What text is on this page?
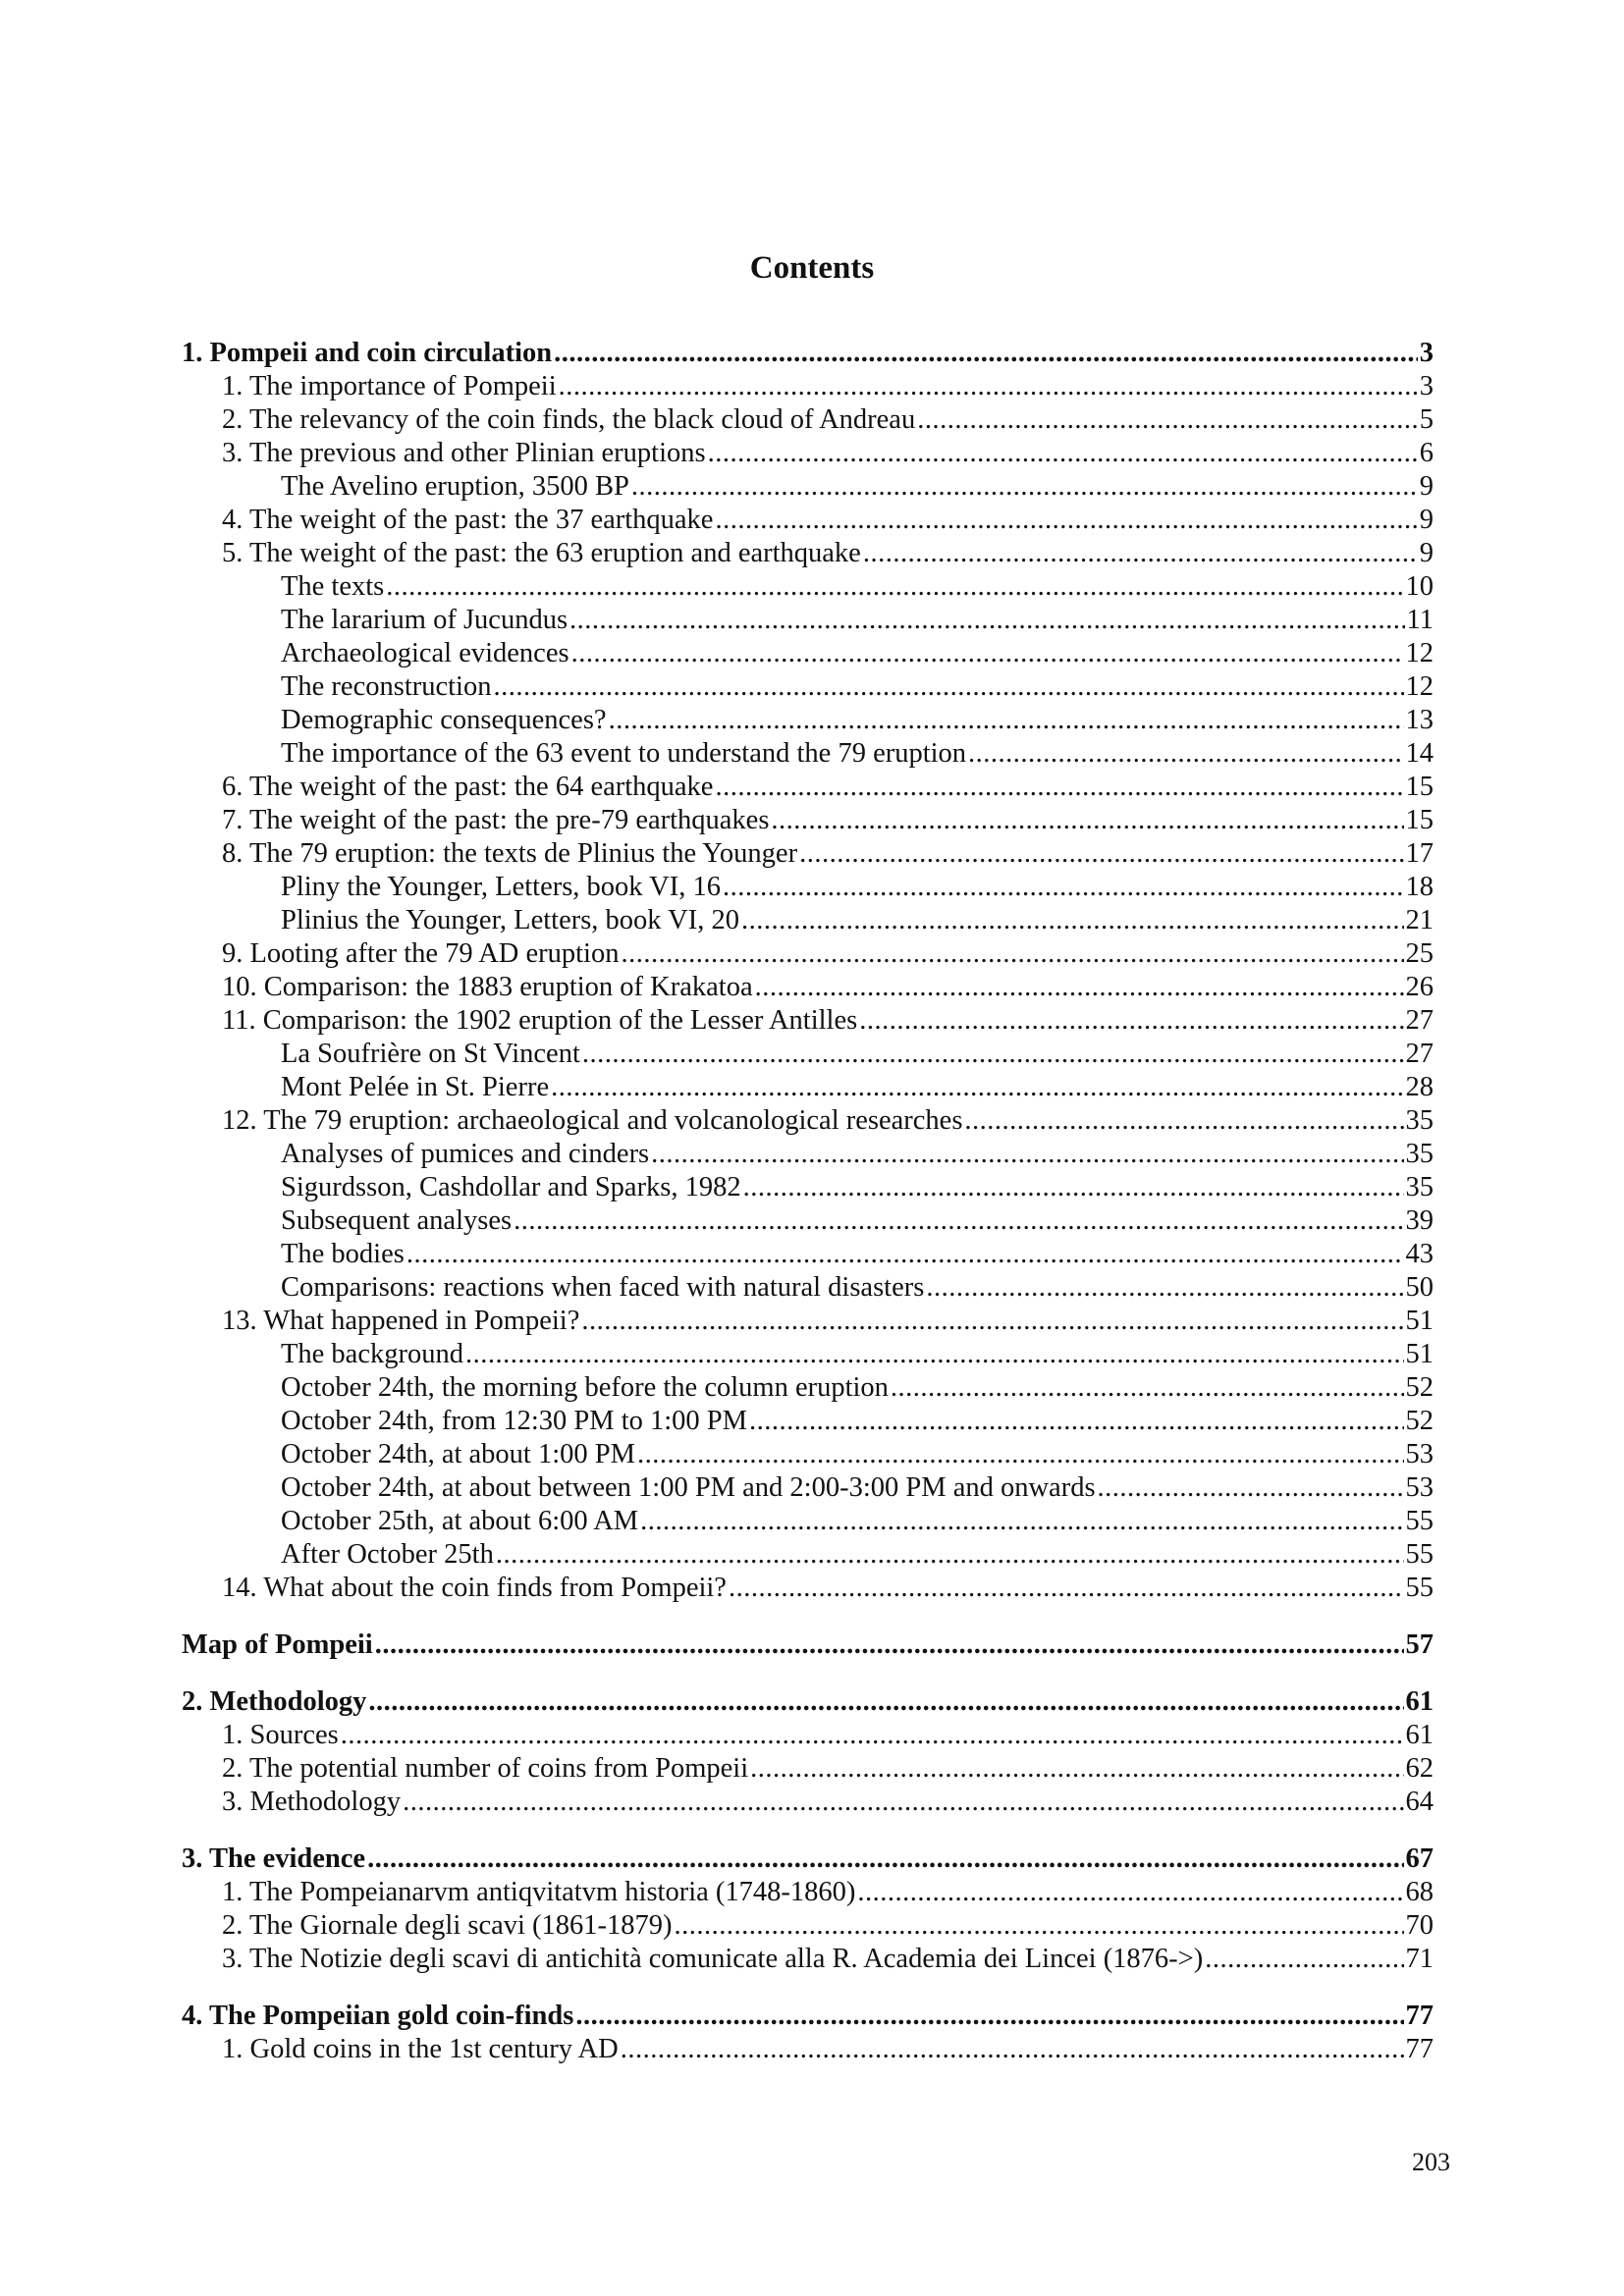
Contents
1. Pompeii and coin circulation .....	3
1. The importance of Pompeii .....	3
2. The relevancy of the coin finds, the black cloud of Andreau .....	5
3. The previous and other Plinian eruptions .....	6
The Avelino eruption, 3500 BP .....	9
4. The weight of the past: the 37 earthquake .....	9
5. The weight of the past: the 63 eruption and earthquake .....	9
The texts .....	10
The lararium of Jucundus .....	11
Archaeological evidences .....	12
The reconstruction .....	12
Demographic consequences? .....	13
The importance of the 63 event to understand the 79 eruption .....	14
6. The weight of the past: the 64 earthquake .....	15
7. The weight of the past: the pre-79 earthquakes .....	15
8. The 79 eruption: the texts de Plinius the Younger .....	17
Pliny the Younger, Letters, book VI, 16 .....	18
Plinius the Younger, Letters, book VI, 20 .....	21
9. Looting after the 79 AD eruption .....	25
10. Comparison: the 1883 eruption of Krakatoa .....	26
11. Comparison: the 1902 eruption of the Lesser Antilles .....	27
La Soufrière on St Vincent .....	27
Mont Pelée in St. Pierre .....	28
12. The 79 eruption: archaeological and volcanological researches .....	35
Analyses of pumices and cinders .....	35
Sigurdsson, Cashdollar and Sparks, 1982 .....	35
Subsequent analyses .....	39
The bodies .....	43
Comparisons: reactions when faced with natural disasters .....	50
13. What happened in Pompeii? .....	51
The background .....	51
October 24th, the morning before the column eruption .....	52
October 24th, from 12:30 PM to 1:00 PM .....	52
October 24th, at about 1:00 PM .....	53
October 24th, at about between 1:00 PM and 2:00-3:00 PM and onwards .....	53
October 25th, at about 6:00 AM .....	55
After October 25th .....	55
14. What about the coin finds from Pompeii? .....	55
Map of Pompeii .....	57
2. Methodology .....	61
1. Sources .....	61
2. The potential number of coins from Pompeii .....	62
3. Methodology .....	64
3. The evidence .....	67
1. The Pompeianarvm antiqvitatvm historia (1748-1860) .....	68
2. The Giornale degli scavi (1861-1879) .....	70
3. The Notizie degli scavi di antichità comunicate alla R. Academia dei Lincei (1876->) .....	71
4. The Pompeiian gold coin-finds .....	77
1. Gold coins in the 1st century AD .....	77
203
